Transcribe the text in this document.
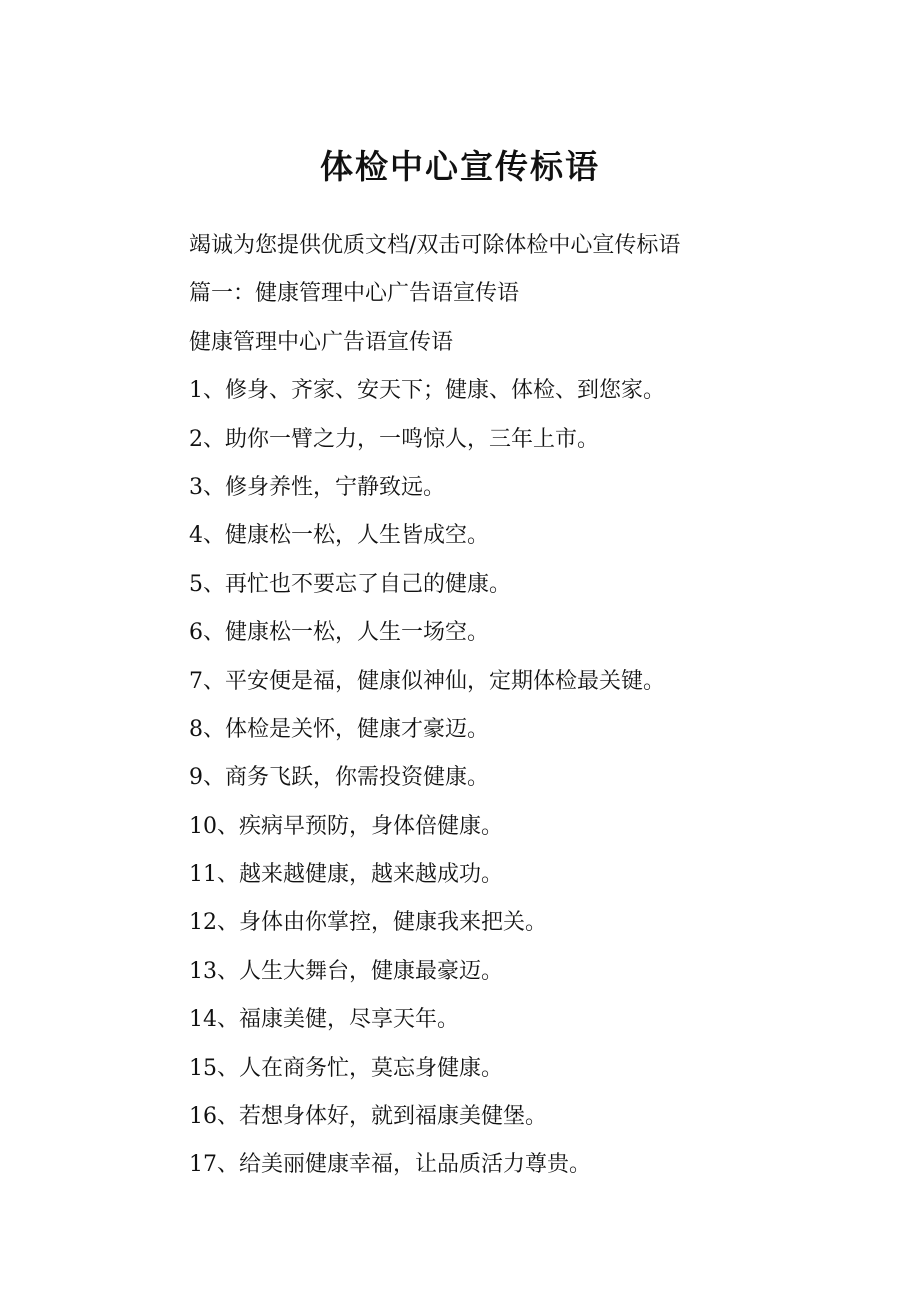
体检中心宣传标语

竭诚为您提供优质文档/双击可除体检中心宣传标语

篇一：健康管理中心广告语宣传语

健康管理中心广告语宣传语

1、修身、齐家、安天下；健康、体检、到您家。

2、助你一臂之力，一鸣惊人，三年上市。

3、修身养性，宁静致远。

4、健康松一松，人生皆成空。

5、再忙也不要忘了自己的健康。

6、健康松一松，人生一场空。

7、平安便是福，健康似神仙，定期体检最关键。

8、体检是关怀，健康才豪迈。

9、商务飞跃，你需投资健康。

10、疾病早预防，身体倍健康。

11、越来越健康，越来越成功。

12、身体由你掌控，健康我来把关。

13、人生大舞台，健康最豪迈。

14、福康美健，尽享天年。

15、人在商务忙，莫忘身健康。

16、若想身体好，就到福康美健堡。

17、给美丽健康幸福，让品质活力尊贵。
